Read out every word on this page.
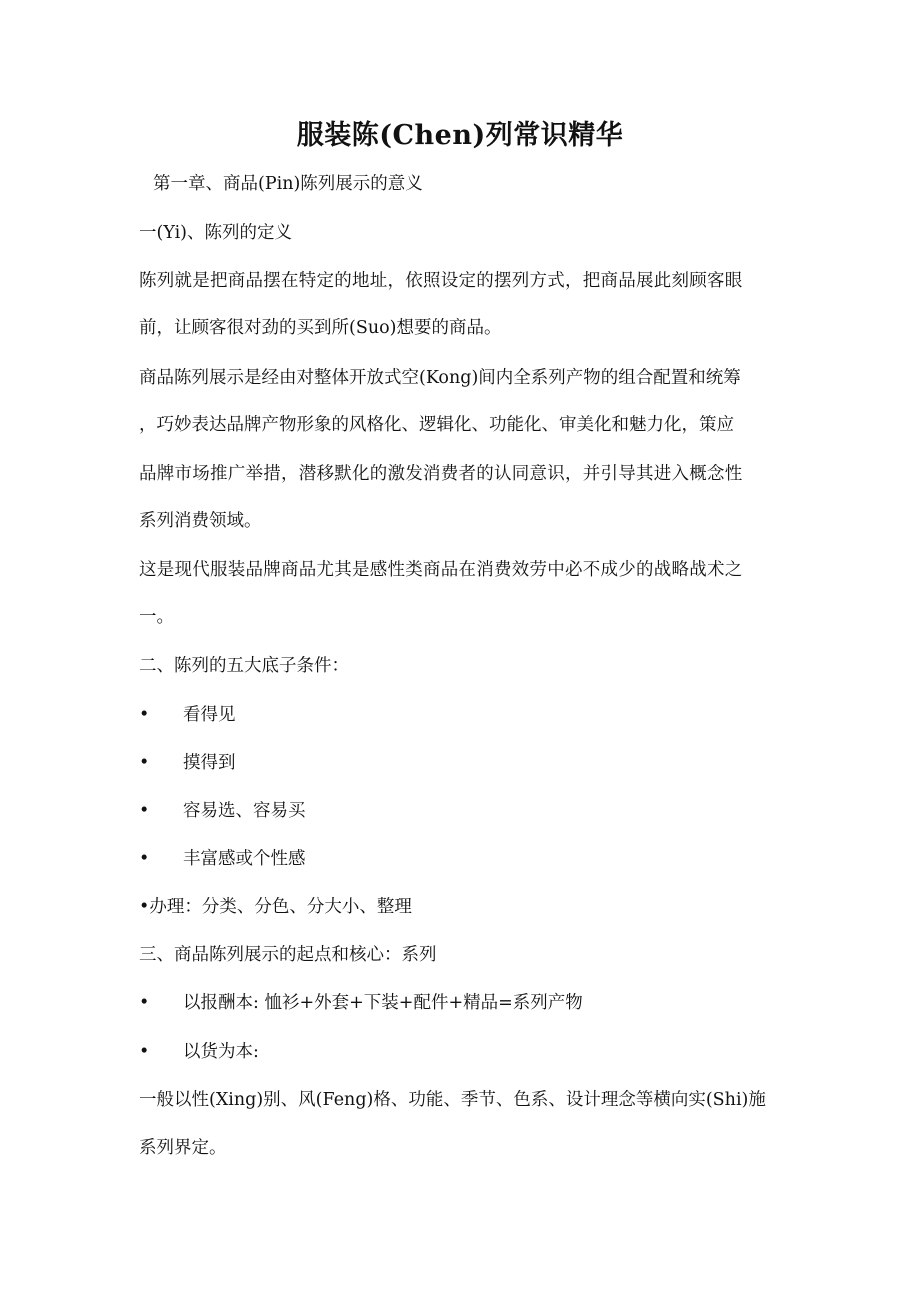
服装陈(Chen)列常识精华
第一章、商品(Pin)陈列展示的意义
一(Yi)、陈列的定义
陈列就是把商品摆在特定的地址，依照设定的摆列方式，把商品展此刻顾客眼
前，让顾客很对劲的买到所(Suo)想要的商品。
商品陈列展示是经由对整体开放式空(Kong)间内全系列产物的组合配置和统筹
，巧妙表达品牌产物形象的风格化、逻辑化、功能化、审美化和魅力化，策应
品牌市场推广举措，潜移默化的激发消费者的认同意识，并引导其进入概念性
系列消费领域。
这是现代服装品牌商品尤其是感性类商品在消费效劳中必不成少的战略战术之
一。
二、陈列的五大底子条件：
• 看得见
• 摸得到
• 容易选、容易买
• 丰富感或个性感
•办理：分类、分色、分大小、整理
三、商品陈列展示的起点和核心：系列
• 以报酬本: 恤衫+外套+下装+配件+精品=系列产物
• 以货为本:
一般以性(Xing)别、风(Feng)格、功能、季节、色系、设计理念等横向实(Shi)施
系列界定。
